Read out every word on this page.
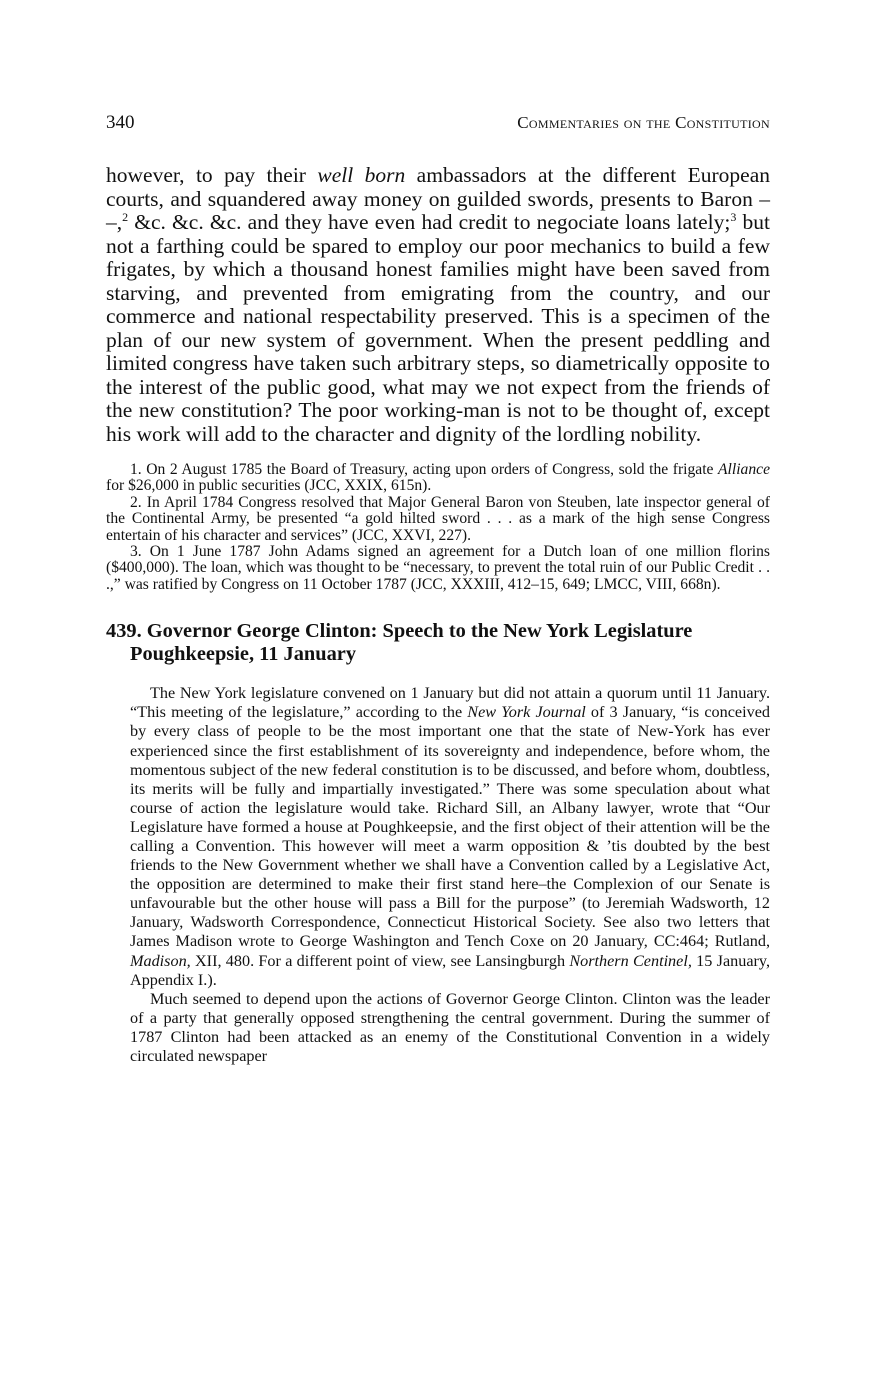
340	Commentaries on the Constitution

however, to pay their well born ambassadors at the different European courts, and squandered away money on guilded swords, presents to Baron – –,$^2$ &c. &c. &c. and they have even had credit to negociate loans lately;$^3$ but not a farthing could be spared to employ our poor mechanics to build a few frigates, by which a thousand honest families might have been saved from starving, and prevented from emigrating from the country, and our commerce and national respectability preserved. This is a specimen of the plan of our new system of government. When the present peddling and limited congress have taken such arbitrary steps, so diametrically opposite to the interest of the public good, what may we not expect from the friends of the new constitution? The poor working-man is not to be thought of, except his work will add to the character and dignity of the lordling nobility.

1. On 2 August 1785 the Board of Treasury, acting upon orders of Congress, sold the frigate Alliance for $26,000 in public securities (JCC, XXIX, 615n).

2. In April 1784 Congress resolved that Major General Baron von Steuben, late inspector general of the Continental Army, be presented “a gold hilted sword . . . as a mark of the high sense Congress entertain of his character and services” (JCC, XXVI, 227).

3. On 1 June 1787 John Adams signed an agreement for a Dutch loan of one million florins ($400,000). The loan, which was thought to be “necessary, to prevent the total ruin of our Public Credit . . .,” was ratified by Congress on 11 October 1787 (JCC, XXXIII, 412–15, 649; LMCC, VIII, 668n).

439. Governor George Clinton: Speech to the New York Legislature Poughkeepsie, 11 January

The New York legislature convened on 1 January but did not attain a quorum until 11 January. “This meeting of the legislature,” according to the New York Journal of 3 January, “is conceived by every class of people to be the most important one that the state of New-York has ever experienced since the first establishment of its sovereignty and independence, before whom, the momentous subject of the new federal constitution is to be discussed, and before whom, doubtless, its merits will be fully and impartially investigated.” There was some speculation about what course of action the legislature would take. Richard Sill, an Albany lawyer, wrote that “Our Legislature have formed a house at Poughkeepsie, and the first object of their attention will be the calling a Convention. This however will meet a warm opposition & ’tis doubted by the best friends to the New Government whether we shall have a Convention called by a Legislative Act, the opposition are determined to make their first stand here–the Complexion of our Senate is unfavourable but the other house will pass a Bill for the purpose” (to Jeremiah Wadsworth, 12 January, Wadsworth Correspondence, Connecticut Historical Society. See also two letters that James Madison wrote to George Washington and Tench Coxe on 20 January, CC:464; Rutland, Madison, XII, 480. For a different point of view, see Lansingburgh Northern Centinel, 15 January, Appendix I.).

Much seemed to depend upon the actions of Governor George Clinton. Clinton was the leader of a party that generally opposed strengthening the central government. During the summer of 1787 Clinton had been attacked as an enemy of the Constitutional Convention in a widely circulated newspaper
